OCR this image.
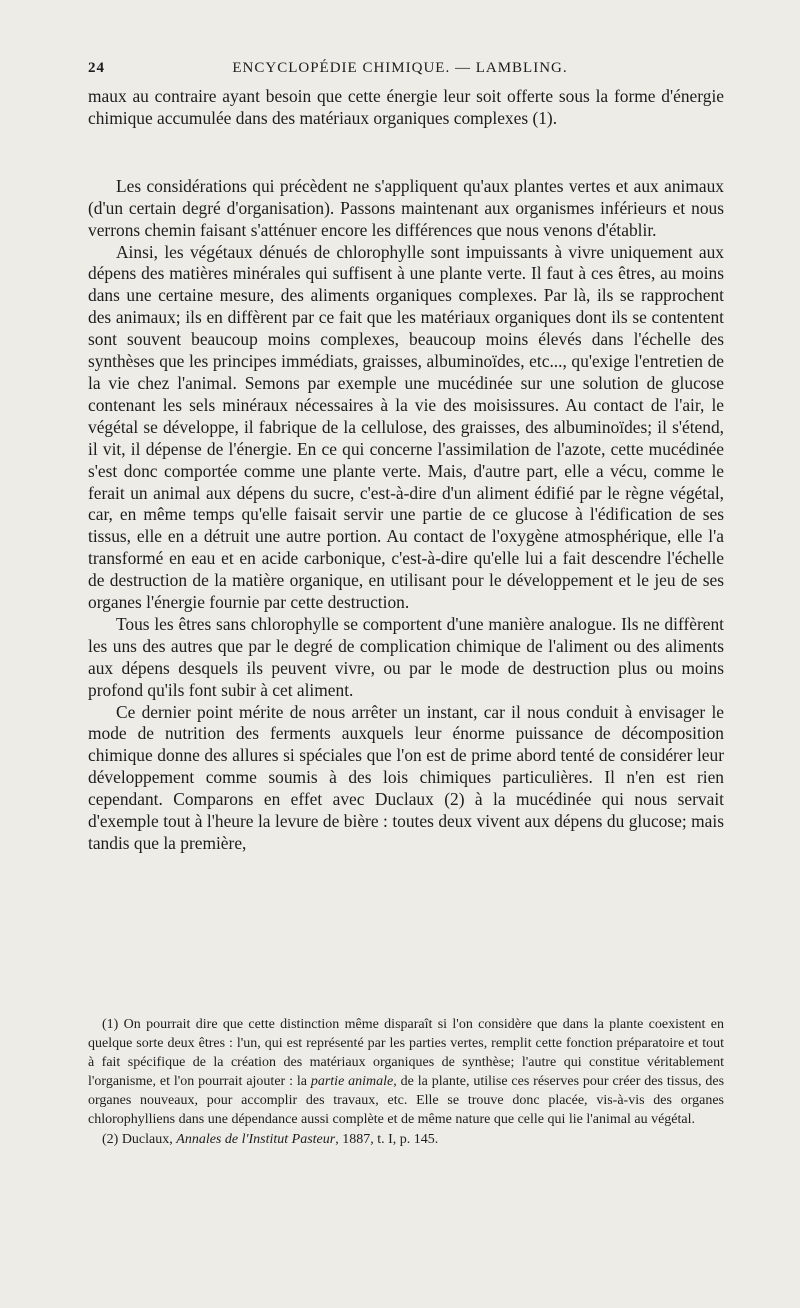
24	ENCYCLOPÉDIE CHIMIQUE. — LAMBLING.

maux au contraire ayant besoin que cette énergie leur soit offerte sous la forme d'énergie chimique accumulée dans des matériaux organiques complexes (1).

Les considérations qui précèdent ne s'appliquent qu'aux plantes vertes et aux animaux (d'un certain degré d'organisation). Passons maintenant aux organismes inférieurs et nous verrons chemin faisant s'atténuer encore les différences que nous venons d'établir.

Ainsi, les végétaux dénués de chlorophylle sont impuissants à vivre uniquement aux dépens des matières minérales qui suffisent à une plante verte. Il faut à ces êtres, au moins dans une certaine mesure, des aliments organiques complexes. Par là, ils se rapprochent des animaux; ils en diffèrent par ce fait que les matériaux organiques dont ils se contentent sont souvent beaucoup moins complexes, beaucoup moins élevés dans l'échelle des synthèses que les principes immédiats, graisses, albuminoïdes, etc..., qu'exige l'entretien de la vie chez l'animal. Semons par exemple une mucédinée sur une solution de glucose contenant les sels minéraux nécessaires à la vie des moisissures. Au contact de l'air, le végétal se développe, il fabrique de la cellulose, des graisses, des albuminoïdes; il s'étend, il vit, il dépense de l'énergie. En ce qui concerne l'assimilation de l'azote, cette mucédinée s'est donc comportée comme une plante verte. Mais, d'autre part, elle a vécu, comme le ferait un animal aux dépens du sucre, c'est-à-dire d'un aliment édifié par le règne végétal, car, en même temps qu'elle faisait servir une partie de ce glucose à l'édification de ses tissus, elle en a détruit une autre portion. Au contact de l'oxygène atmosphérique, elle l'a transformé en eau et en acide carbonique, c'est-à-dire qu'elle lui a fait descendre l'échelle de destruction de la matière organique, en utilisant pour le développement et le jeu de ses organes l'énergie fournie par cette destruction.

Tous les êtres sans chlorophylle se comportent d'une manière analogue. Ils ne diffèrent les uns des autres que par le degré de complication chimique de l'aliment ou des aliments aux dépens desquels ils peuvent vivre, ou par le mode de destruction plus ou moins profond qu'ils font subir à cet aliment.

Ce dernier point mérite de nous arrêter un instant, car il nous conduit à envisager le mode de nutrition des ferments auxquels leur énorme puissance de décomposition chimique donne des allures si spéciales que l'on est de prime abord tenté de considérer leur développement comme soumis à des lois chimiques particulières. Il n'en est rien cependant. Comparons en effet avec Duclaux (2) à la mucédinée qui nous servait d'exemple tout à l'heure la levure de bière : toutes deux vivent aux dépens du glucose; mais tandis que la première,

(1) On pourrait dire que cette distinction même disparaît si l'on considère que dans la plante coexistent en quelque sorte deux êtres : l'un, qui est représenté par les parties vertes, remplit cette fonction préparatoire et tout à fait spécifique de la création des matériaux organiques de synthèse; l'autre qui constitue véritablement l'organisme, et l'on pourrait ajouter : la partie animale, de la plante, utilise ces réserves pour créer des tissus, des organes nouveaux, pour accomplir des travaux, etc. Elle se trouve donc placée, vis-à-vis des organes chlorophylliens dans une dépendance aussi complète et de même nature que celle qui lie l'animal au végétal.

(2) Duclaux, Annales de l'Institut Pasteur, 1887, t. I, p. 145.
